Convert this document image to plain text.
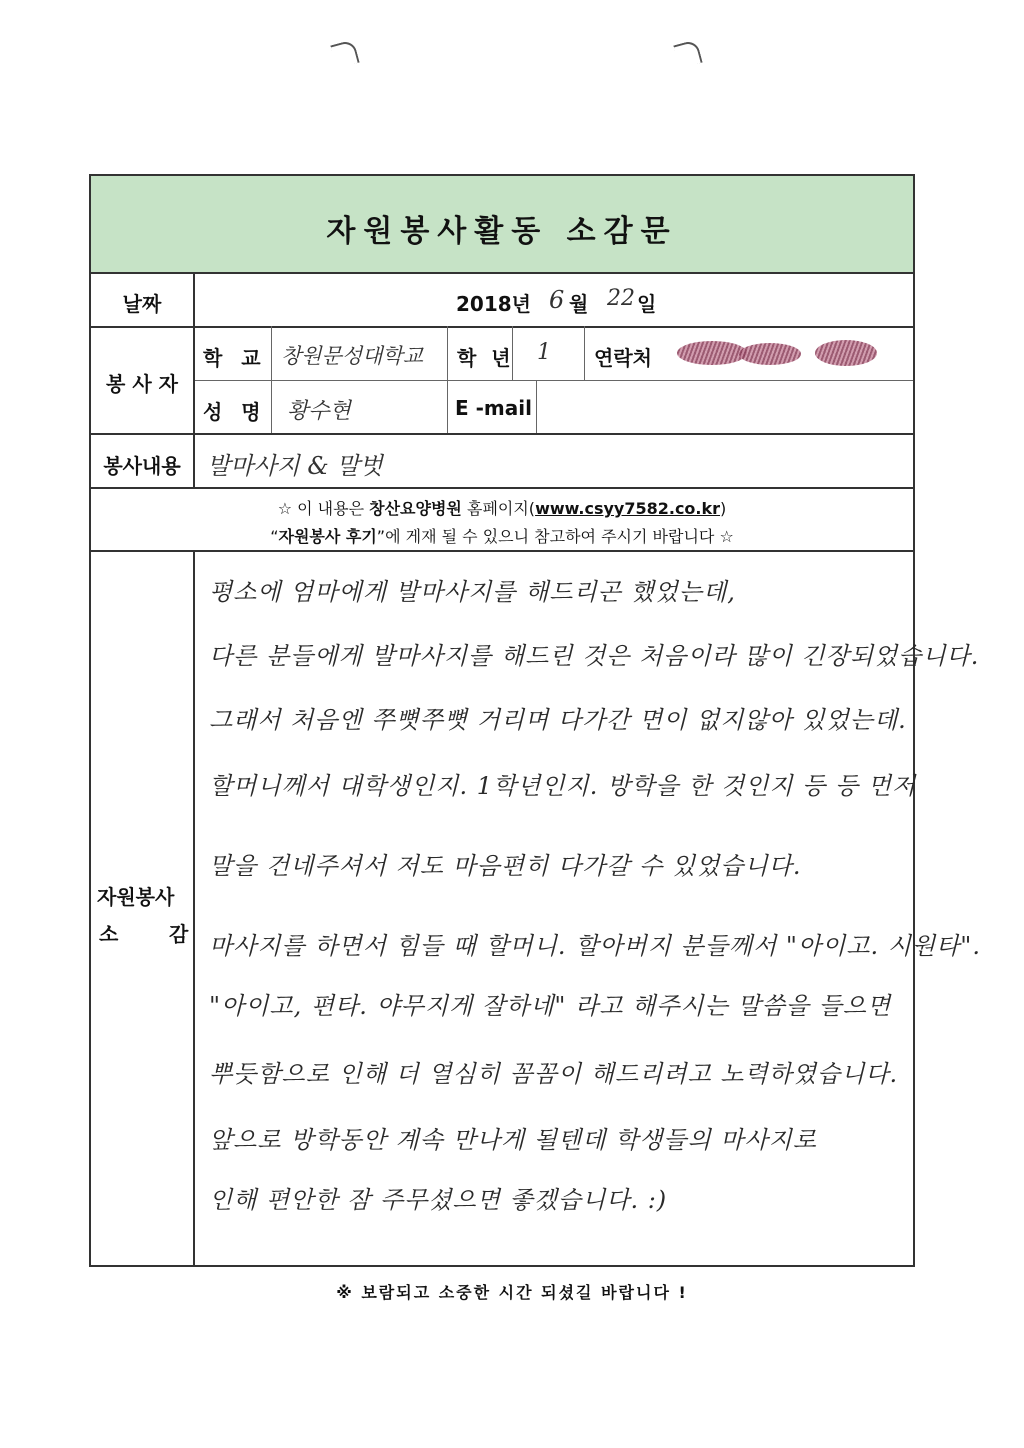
자원봉사활동 소감문
날짜	2018년 6 월 22 일
봉 사 자
학 교 창원문성대학교 학 년 1 연락처
성 명 황수현	E -mail
봉사내용	발마사지 & 말벗
☆ 이 내용은 창산요양병원 홈페이지(www.csyy7582.co.kr)
“자원봉사 후기”에 게재 될 수 있으니 참고하여 주시기 바랍니다 ☆
자원봉사
소	감
평소에 엄마에게 발마사지를 해드리곤 했었는데,
다른 분들에게 발마사지를 해드린 것은 처음이라 많이 긴장되었습니다.
그래서 처음엔 쭈뼛쭈뼛 거리며 다가간 면이 없지않아 있었는데.
할머니께서 대학생인지. 1학년인지. 방학을 한 것인지 등 등 먼저
말을 건네주셔서 저도 마음편히 다가갈 수 있었습니다.
마사지를 하면서 힘들 때 할머니. 할아버지 분들께서 "아이고. 시원타".
"아이고, 편타. 야무지게 잘하네" 라고 해주시는 말씀을 들으면
뿌듯함으로 인해 더 열심히 꼼꼼이 해드리려고 노력하였습니다.
앞으로 방학동안 계속 만나게 될텐데 학생들의 마사지로
인해 편안한 잠 주무셨으면 좋겠습니다. :)
※ 보람되고 소중한 시간 되셨길 바랍니다 !
